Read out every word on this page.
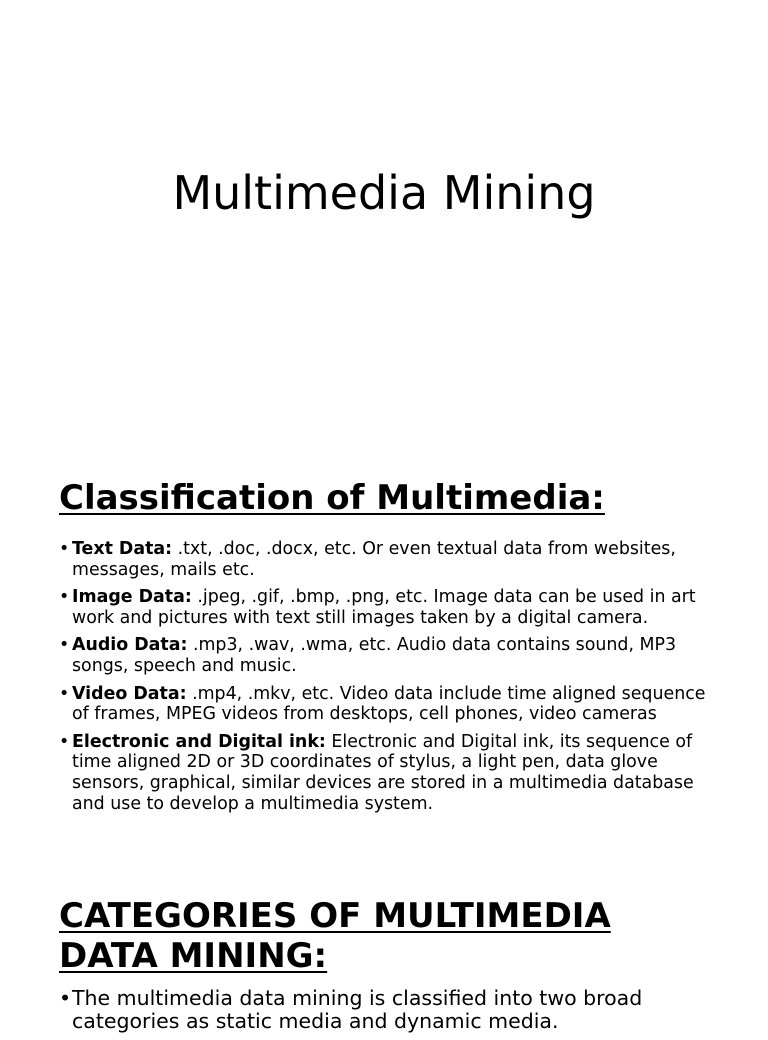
Multimedia Mining
Classification of Multimedia:
• Text Data: .txt, .doc, .docx, etc. Or even textual data from websites, messages, mails etc.
• Image Data: .jpeg, .gif, .bmp, .png, etc. Image data can be used in art work and pictures with text still images taken by a digital camera.
• Audio Data: .mp3, .wav, .wma, etc. Audio data contains sound, MP3 songs, speech and music.
• Video Data: .mp4, .mkv, etc. Video data include time aligned sequence of frames, MPEG videos from desktops, cell phones, video cameras
• Electronic and Digital ink: Electronic and Digital ink, its sequence of time aligned 2D or 3D coordinates of stylus, a light pen, data glove sensors, graphical, similar devices are stored in a multimedia database and use to develop a multimedia system.
CATEGORIES OF MULTIMEDIA DATA MINING:
• The multimedia data mining is classified into two broad categories as static media and dynamic media.
